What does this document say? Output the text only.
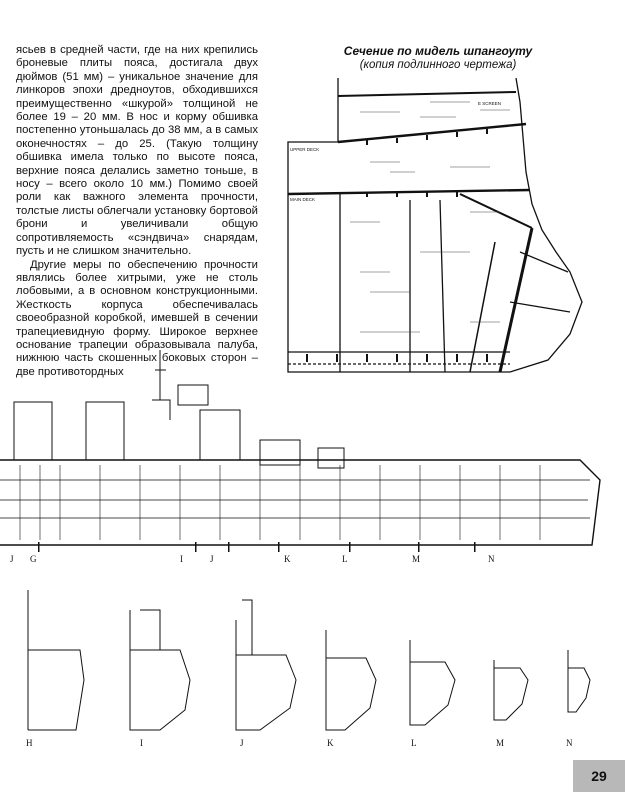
ясьев в средней части, где на них крепились броневые плиты пояса, достигала двух дюймов (51 мм) – уникальное значение для линкоров эпохи дредноутов, обходившихся преимущественно «шкурой» толщиной не более 19 – 20 мм. В нос и корму обшивка постепенно утоньшалась до 38 мм, а в самых оконечностях – до 25. (Такую толщину обшивка имела только по высоте пояса, верхние пояса делались заметно тоньше, в носу – всего около 10 мм.) Помимо своей роли как важного элемента прочности, толстые листы облегчали установку бортовой брони и увеличивали общую сопротивляемость «сэндвича» снарядам, пусть и не слишком значительно.

Другие меры по обеспечению прочности являлись более хитрыми, уже не столь лобовыми, а в основном конструкционными. Жесткость корпуса обеспечивалась своеобразной коробкой, имевшей в сечении трапециевидную форму. Широкое верхнее основание трапеции образовывала палуба, нижнюю часть скошенных боковых сторон – две противотордных

Сечение по мидель шпангоуту
(копия подлинного чертежа)
UPPER DECK
MAIN DECK
E SCREEN
J G	I	J	K	L	M	N
H	I	J	K	L	M	N
29
